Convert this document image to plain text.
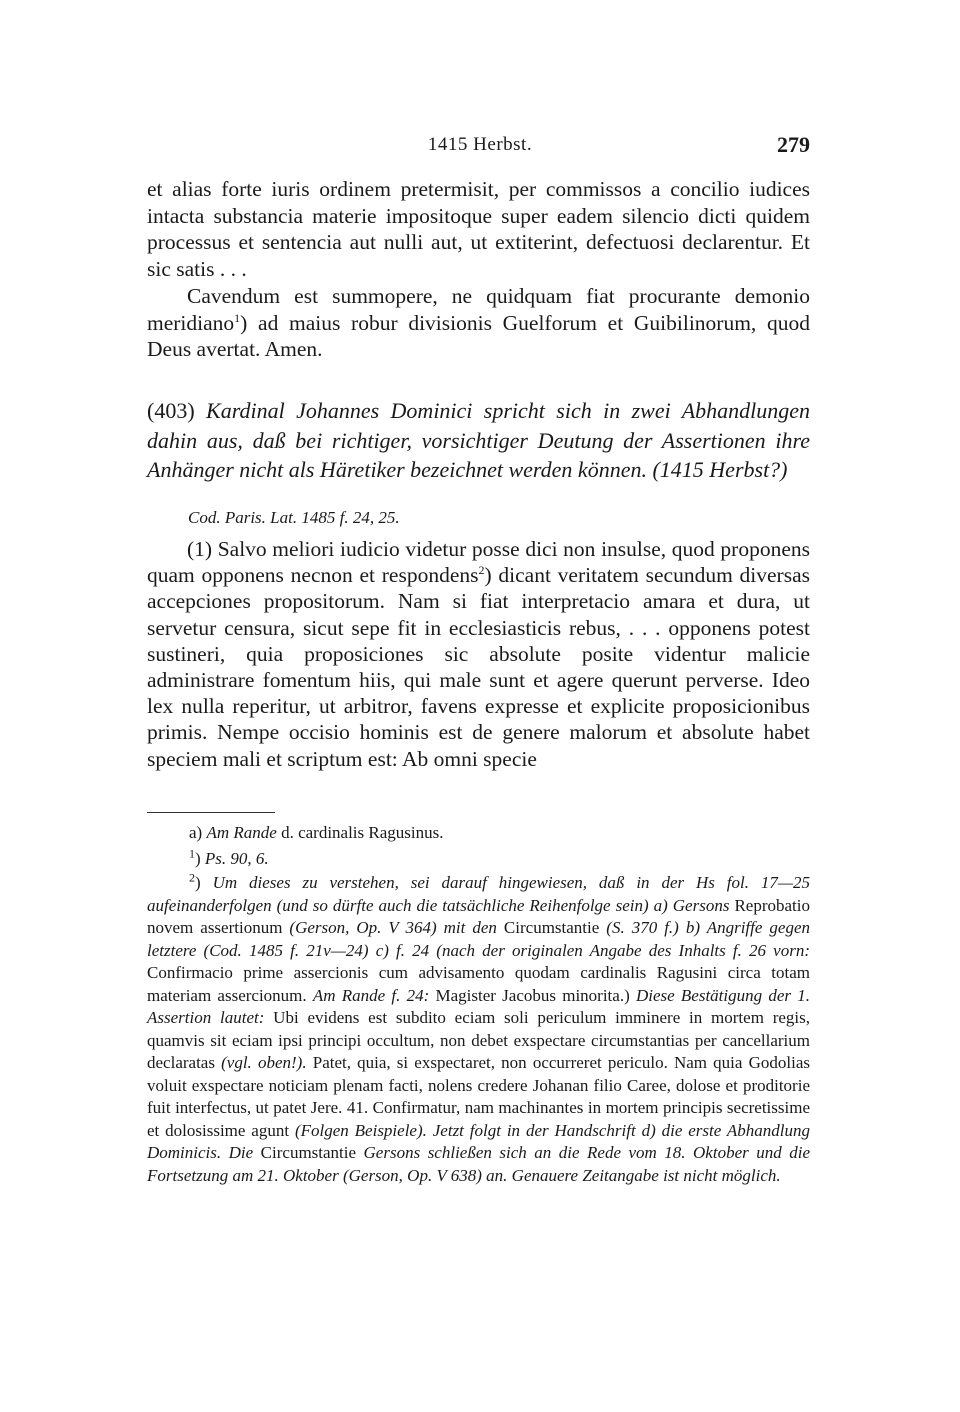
1415 Herbst.	279

et alias forte iuris ordinem pretermisit, per commissos a concilio iudices intacta substancia materie impositoque super eadem silencio dicti quidem processus et sentencia aut nulli aut, ut extiterint, defectuosi declarentur. Et sic satis . . .

Cavendum est summopere, ne quidquam fiat procurante demonio meridiano$^1$) ad maius robur divisionis Guelforum et Guibilinorum, quod Deus avertat. Amen.

(403) Kardinal Johannes Dominici spricht sich in zwei Abhandlungen dahin aus, daß bei richtiger, vorsichtiger Deutung der Assertionen ihre Anhänger nicht als Häretiker bezeichnet werden können. (1415 Herbst?)
Cod. Paris. Lat. 1485 f. 24, 25.
(1) Salvo meliori iudicio videtur posse dici non insulse, quod proponens quam opponens necnon et respondens$^2$) dicant veritatem secundum diversas accepciones propositorum. Nam si fiat interpretacio amara et dura, ut servetur censura, sicut sepe fit in ecclesiasticis rebus, . . . opponens potest sustineri, quia proposiciones sic absolute posite videntur malicie administrare fomentum hiis, qui male sunt et agere querunt perverse. Ideo lex nulla reperitur, ut arbitror, favens expresse et explicite proposicionibus primis. Nempe occisio hominis est de genere malorum et absolute habet speciem mali et scriptum est: Ab omni specie
a) Am Rande d. cardinalis Ragusinus.
$^1$) Ps. 90, 6.
$^2$) Um dieses zu verstehen, sei darauf hingewiesen, daß in der Hs fol. 17—25 aufeinanderfolgen (und so dürfte auch die tatsächliche Reihenfolge sein) a) Gersons Reprobatio novem assertionum (Gerson, Op. V 364) mit den Circumstantie (S. 370 f.) b) Angriffe gegen letztere (Cod. 1485 f. 21v—24) c) f. 24 (nach der originalen Angabe des Inhalts f. 26 vorn: Confirmacio prime assercionis cum advisamento quodam cardinalis Ragusini circa totam materiam assercionum. Am Rande f. 24: Magister Jacobus minorita.) Diese Bestätigung der 1. Assertion lautet: Ubi evidens est subdito eciam soli periculum imminere in mortem regis, quamvis sit eciam ipsi principi occultum, non debet exspectare circumstantias per cancellarium declaratas (vgl. oben!). Patet, quia, si exspectaret, non occurreret periculo. Nam quia Godolias voluit exspectare noticiam plenam facti, nolens credere Johanan filio Caree, dolose et proditorie fuit interfectus, ut patet Jere. 41. Confirmatur, nam machinantes in mortem principis secretissime et dolosissime agunt (Folgen Beispiele). Jetzt folgt in der Handschrift d) die erste Abhandlung Dominicis. Die Circumstantie Gersons schließen sich an die Rede vom 18. Oktober und die Fortsetzung am 21. Oktober (Gerson, Op. V 638) an. Genauere Zeitangabe ist nicht möglich.
